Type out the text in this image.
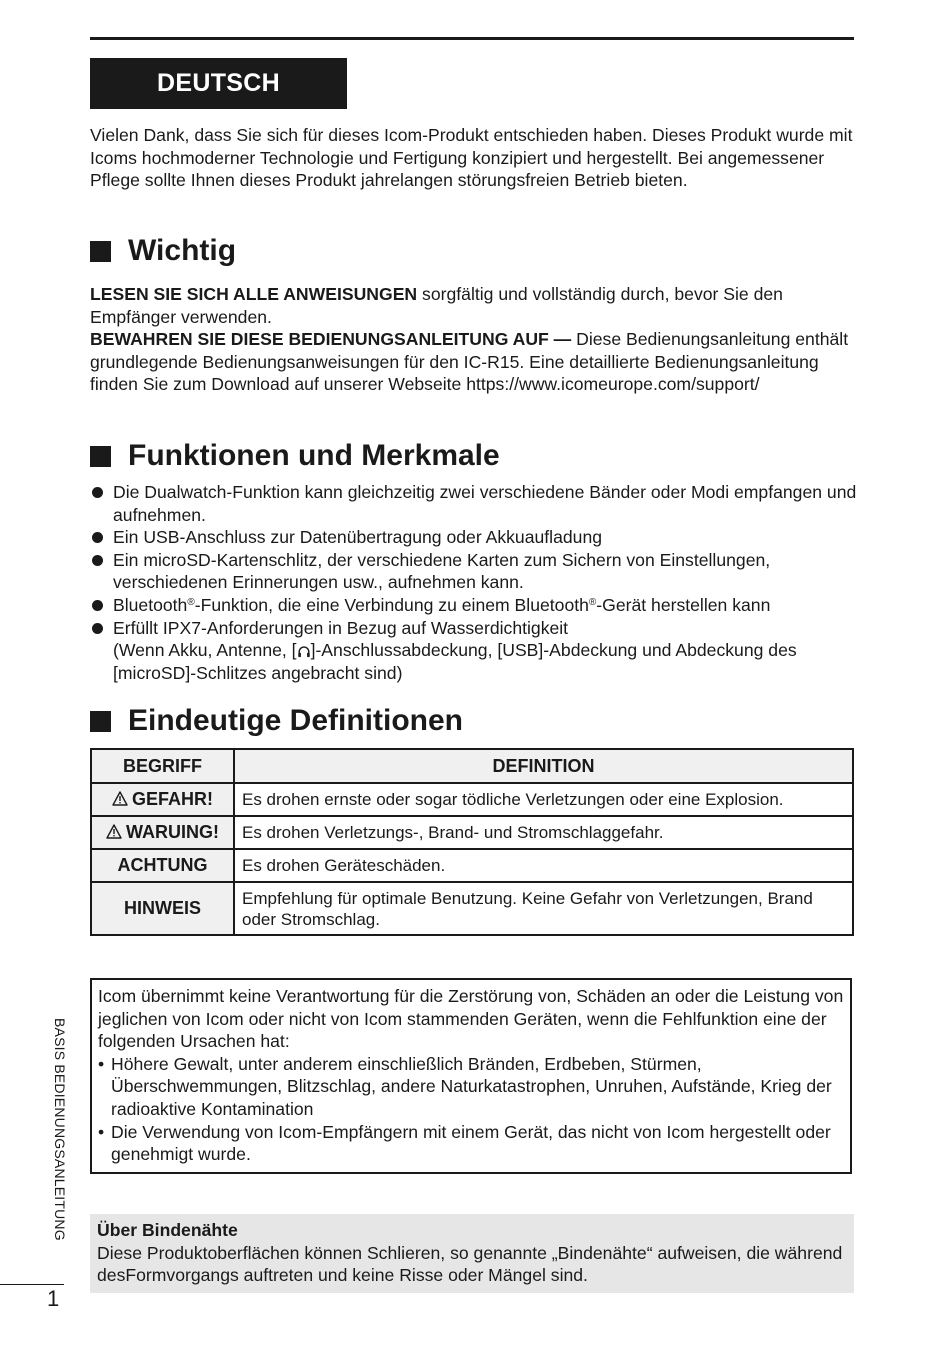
DEUTSCH
Vielen Dank, dass Sie sich für dieses Icom-Produkt entschieden haben. Dieses Produkt wurde mit Icoms hochmoderner Technologie und Fertigung konzipiert und hergestellt. Bei angemessener Pflege sollte Ihnen dieses Produkt jahrelangen störungsfreien Betrieb bieten.
Wichtig
LESEN SIE SICH ALLE ANWEISUNGEN sorgfältig und vollständig durch, bevor Sie den Empfänger verwenden.
BEWAHREN SIE DIESE BEDIENUNGSANLEITUNG AUF — Diese Bedienungsanleitung enthält grundlegende Bedienungsanweisungen für den IC-R15. Eine detaillierte Bedienungsanleitung finden Sie zum Download auf unserer Webseite https://www.icomeurope.com/support/
Funktionen und Merkmale
Die Dualwatch-Funktion kann gleichzeitig zwei verschiedene Bänder oder Modi empfangen und aufnehmen.
Ein USB-Anschluss zur Datenübertragung oder Akkuaufladung
Ein microSD-Kartenschlitz, der verschiedene Karten zum Sichern von Einstellungen, verschiedenen Erinnerungen usw., aufnehmen kann.
Bluetooth®-Funktion, die eine Verbindung zu einem Bluetooth®-Gerät herstellen kann
Erfüllt IPX7-Anforderungen in Bezug auf Wasserdichtigkeit
(Wenn Akku, Antenne, [ ]-Anschlussabdeckung, [USB]-Abdeckung und Abdeckung des [microSD]-Schlitzes angebracht sind)
Eindeutige Definitionen
BEGRIFF	DEFINITION
GEFAHR!	Es drohen ernste oder sogar tödliche Verletzungen oder eine Explosion.
WARUING!	Es drohen Verletzungs-, Brand- und Stromschlaggefahr.
ACHTUNG	Es drohen Geräteschäden.
HINWEIS	Empfehlung für optimale Benutzung. Keine Gefahr von Verletzungen, Brand oder Stromschlag.
Icom übernimmt keine Verantwortung für die Zerstörung von, Schäden an oder die Leistung von jeglichen von Icom oder nicht von Icom stammenden Geräten, wenn die Fehlfunktion eine der folgenden Ursachen hat:
• Höhere Gewalt, unter anderem einschließlich Bränden, Erdbeben, Stürmen, Überschwemmungen, Blitzschlag, andere Naturkatastrophen, Unruhen, Aufstände, Krieg der radioaktive Kontamination
• Die Verwendung von Icom-Empfängern mit einem Gerät, das nicht von Icom hergestellt oder genehmigt wurde.
Über Bindenähte
Diese Produktoberflächen können Schlieren, so genannte „Bindenähte“ aufweisen, die während desFormvorgangs auftreten und keine Risse oder Mängel sind.
BASIS BEDIENUNGSANLEITUNG
1
